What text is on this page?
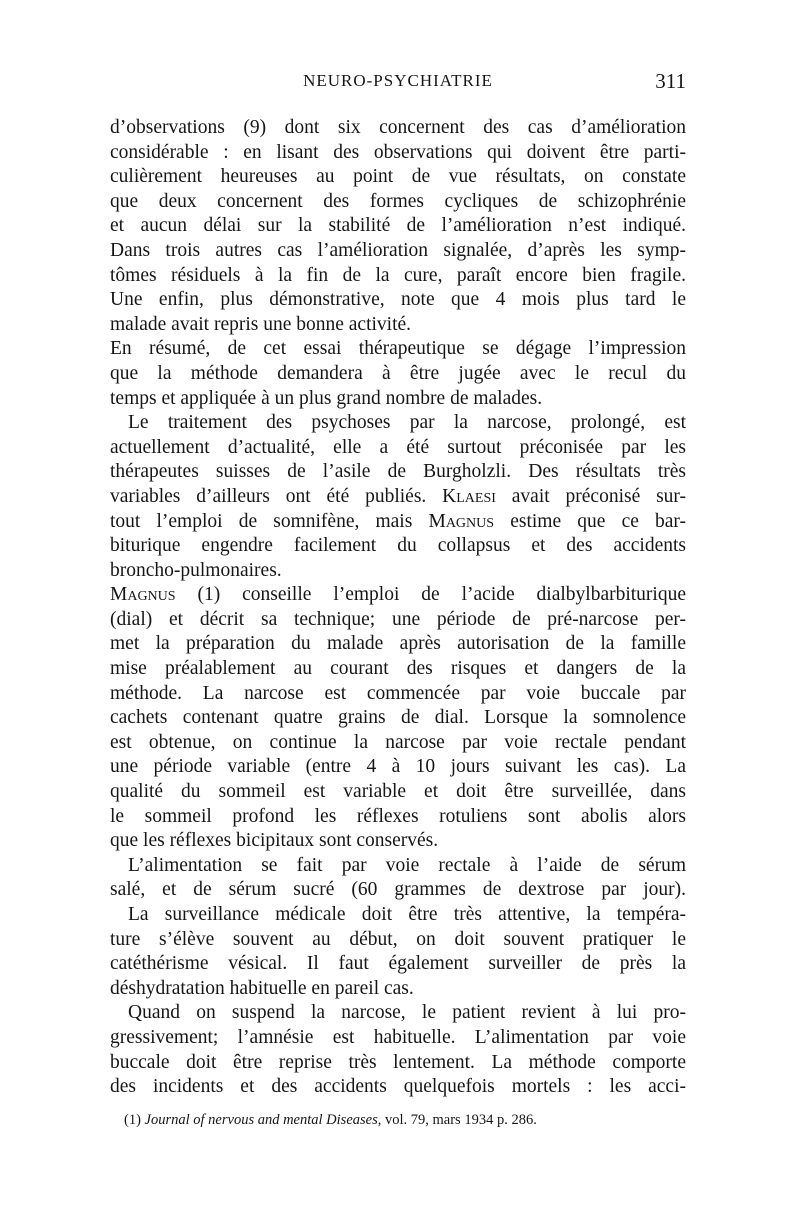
NEURO-PSYCHIATRIE	311
d’observations (9) dont six concernent des cas d’amélioration
considérable : en lisant des observations qui doivent être parti-
culièrement heureuses au point de vue résultats, on constate
que deux concernent des formes cycliques de schizophrénie
et aucun délai sur la stabilité de l’amélioration n’est indiqué.
Dans trois autres cas l’amélioration signalée, d’après les symp-
tômes résiduels à la fin de la cure, paraît encore bien fragile.
Une enfin, plus démonstrative, note que 4 mois plus tard le
malade avait repris une bonne activité.
En résumé, de cet essai thérapeutique se dégage l’impression
que la méthode demandera à être jugée avec le recul du
temps et appliquée à un plus grand nombre de malades.
Le traitement des psychoses par la narcose, prolongé, est
actuellement d’actualité, elle a été surtout préconisée par les
thérapeutes suisses de l’asile de Burgholzli. Des résultats très
variables d’ailleurs ont été publiés. Klaesi avait préconisé sur-
tout l’emploi de somnifène, mais Magnus estime que ce bar-
biturique engendre facilement du collapsus et des accidents
broncho-pulmonaires.
Magnus (1) conseille l’emploi de l’acide dialbylbarbiturique
(dial) et décrit sa technique; une période de pré-narcose per-
met la préparation du malade après autorisation de la famille
mise préalablement au courant des risques et dangers de la
méthode. La narcose est commencée par voie buccale par
cachets contenant quatre grains de dial. Lorsque la somnolence
est obtenue, on continue la narcose par voie rectale pendant
une période variable (entre 4 à 10 jours suivant les cas). La
qualité du sommeil est variable et doit être surveillée, dans
le sommeil profond les réflexes rotuliens sont abolis alors
que les réflexes bicipitaux sont conservés.
L’alimentation se fait par voie rectale à l’aide de sérum
salé, et de sérum sucré (60 grammes de dextrose par jour).
La surveillance médicale doit être très attentive, la tempéra-
ture s’élève souvent au début, on doit souvent pratiquer le
catéthérisme vésical. Il faut également surveiller de près la
déshydratation habituelle en pareil cas.
Quand on suspend la narcose, le patient revient à lui pro-
gressivement; l’amnésie est habituelle. L’alimentation par voie
buccale doit être reprise très lentement. La méthode comporte
des incidents et des accidents quelquefois mortels : les acci-
(1) Journal of nervous and mental Diseases, vol. 79, mars 1934 p. 286.
